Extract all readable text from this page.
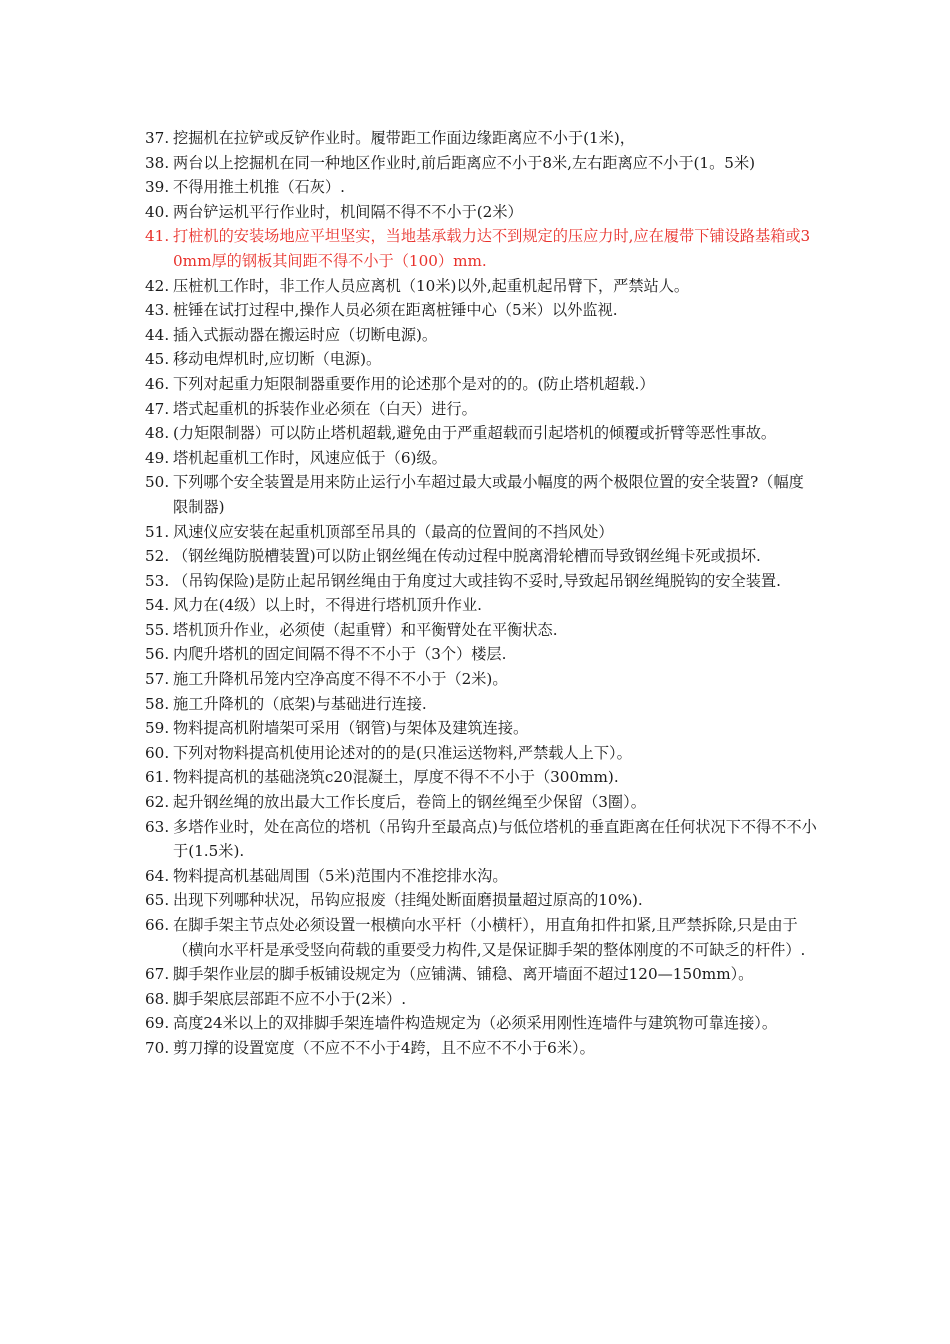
37. 挖掘机在拉铲或反铲作业时。履带距工作面边缘距离应不小于(1米)，
38. 两台以上挖掘机在同一种地区作业时,前后距离应不小于8米,左右距离应不小于(1。5米)
39. 不得用推土机推（石灰）.
40. 两台铲运机平行作业时，机间隔不得不不小于(2米）
41. 打桩机的安装场地应平坦坚实，当地基承载力达不到规定的压应力时,应在履带下铺设路基箱或30mm厚的钢板其间距不得不小于（100）mm.
42. 压桩机工作时，非工作人员应离机（10米)以外,起重机起吊臂下，严禁站人。
43. 桩锤在试打过程中,操作人员必须在距离桩锤中心（5米）以外监视.
44. 插入式振动器在搬运时应（切断电源)。
45. 移动电焊机时,应切断（电源)。
46. 下列对起重力矩限制器重要作用的论述那个是对的的。(防止塔机超载.）
47. 塔式起重机的拆装作业必须在（白天）进行。
48. (力矩限制器）可以防止塔机超载,避免由于严重超载而引起塔机的倾覆或折臂等恶性事故。
49. 塔机起重机工作时，风速应低于（6)级。
50. 下列哪个安全装置是用来防止运行小车超过最大或最小幅度的两个极限位置的安全装置?（幅度限制器)
51. 风速仪应安装在起重机顶部至吊具的（最高的位置间的不挡风处）
52. （钢丝绳防脱槽装置)可以防止钢丝绳在传动过程中脱离滑轮槽而导致钢丝绳卡死或损坏.
53. （吊钩保险)是防止起吊钢丝绳由于角度过大或挂钩不妥时,导致起吊钢丝绳脱钩的安全装置.
54. 风力在(4级）以上时，不得进行塔机顶升作业.
55. 塔机顶升作业，必须使（起重臂）和平衡臂处在平衡状态.
56. 内爬升塔机的固定间隔不得不不小于（3个）楼层.
57. 施工升降机吊笼内空净高度不得不不小于（2米)。
58. 施工升降机的（底架)与基础进行连接.
59. 物料提高机附墙架可采用（钢管)与架体及建筑连接。
60. 下列对物料提高机使用论述对的的是(只准运送物料,严禁载人上下）。
61. 物料提高机的基础浇筑c20混凝土，厚度不得不不小于（300mm).
62. 起升钢丝绳的放出最大工作长度后，卷筒上的钢丝绳至少保留（3圈）。
63. 多塔作业时，处在高位的塔机（吊钩升至最高点)与低位塔机的垂直距离在任何状况下不得不不小于(1.5米).
64. 物料提高机基础周围（5米)范围内不准挖排水沟。
65. 出现下列哪种状况，吊钩应报废（挂绳处断面磨损量超过原高的10%).
66. 在脚手架主节点处必须设置一根横向水平杆（小横杆），用直角扣件扣紧,且严禁拆除,只是由于（横向水平杆是承受竖向荷载的重要受力构件,又是保证脚手架的整体刚度的不可缺乏的杆件）.
67. 脚手架作业层的脚手板铺设规定为（应铺满、铺稳、离开墙面不超过120—150mm）。
68. 脚手架底层部距不应不小于(2米）.
69. 高度24米以上的双排脚手架连墙件构造规定为（必须采用刚性连墙件与建筑物可靠连接）。
70. 剪刀撑的设置宽度（不应不不小于4跨，且不应不不小于6米）。
